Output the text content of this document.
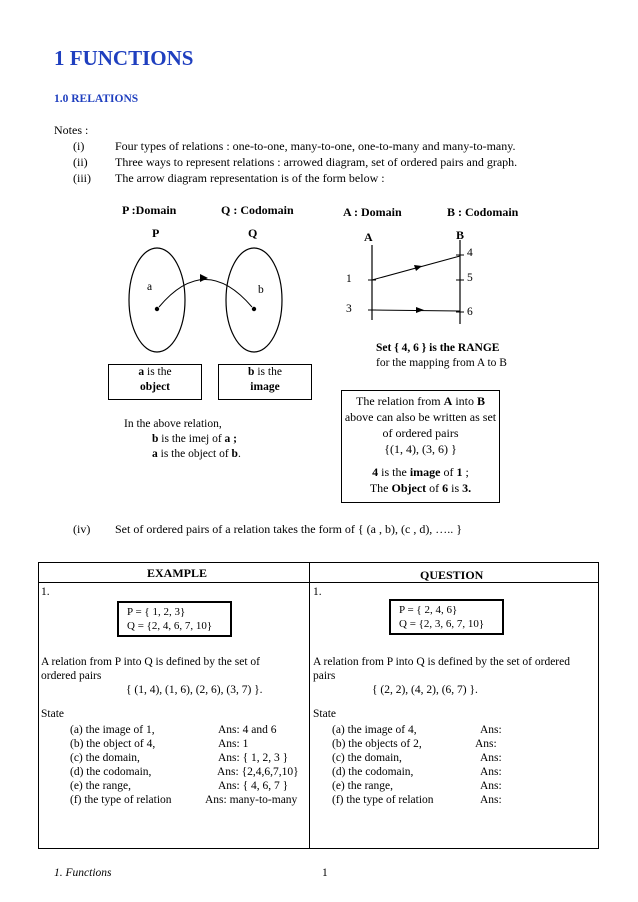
1 FUNCTIONS
1.0 RELATIONS
Notes :
(i)	Four types of relations : one-to-one, many-to-one, one-to-many and many-to-many.
(ii) Three ways to represent relations : arrowed diagram, set of ordered pairs and graph.
(iii) The arrow diagram representation is of the form below :
P :Domain	Q : Codomain
P	Q
a	b
a is the
object
b is the
image
In the above relation,
b is the imej of a ;
a is the object of b.
A : Domain	B : Codomain
A	B
1
3
4
5
6
Set { 4, 6 } is the RANGE
for the mapping from A to B
The relation from A into B
above can also be written as set
of ordered pairs
{(1, 4), (3, 6) }
4 is the image of 1 ;
The Object of 6 is 3.
(iv) Set of ordered pairs of a relation takes the form of { (a , b), (c , d), ….. }
EXAMPLE	QUESTION
1.
P = { 1, 2, 3}
Q = {2, 4, 6, 7, 10}
A relation from P into Q is defined by the set of
ordered pairs
{ (1, 4), (1, 6), (2, 6), (3, 7) }.
State
(a) the image of 1,	Ans: 4 and 6
(b) the object of 4,	Ans: 1
(c) the domain,	Ans: { 1, 2, 3 }
(d) the codomain,	Ans: {2,4,6,7,10}
(e) the range,	Ans: { 4, 6, 7 }
(f) the type of relation	Ans: many-to-many
1.
P = { 2, 4, 6}
Q = {2, 3, 6, 7, 10}
A relation from P into Q is defined by the set of ordered
pairs
{ (2, 2), (4, 2), (6, 7) }.
State
(a) the image of 4,	Ans:
(b) the objects of 2,	Ans:
(c) the domain,	Ans:
(d) the codomain,	Ans:
(e) the range,	Ans:
(f) the type of relation	Ans:
1. Functions	1
